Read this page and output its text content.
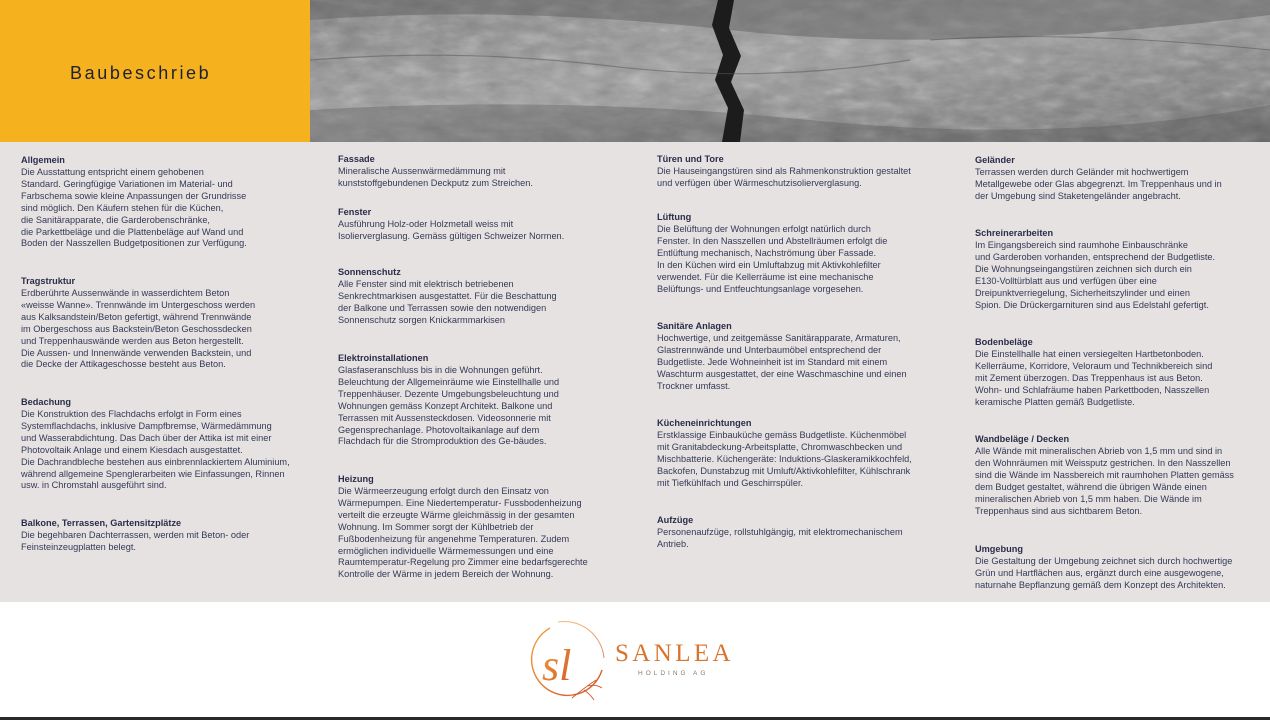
Baubeschrieb
Allgemein

Die Ausstattung entspricht einem gehobenen
Standard. Geringfügige Variationen im Material- und
Farbschema sowie kleine Anpassungen der Grundrisse
sind möglich. Den Käufern stehen für die Küchen,
die Sanitärapparate, die Garderobenschränke,
die Parkettbeläge und die Plattenbeläge auf Wand und
Boden der Nasszellen Budgetpositionen zur Verfügung.

Tragstruktur

Erdberührte Aussenwände in wasserdichtem Beton
«weisse Wanne». Trennwände im Untergeschoss werden
aus Kalksandstein/Beton gefertigt, während Trennwände
im Obergeschoss aus Backstein/Beton Geschossdecken
und Treppenhauswände werden aus Beton hergestellt.
Die Aussen- und Innenwände verwenden Backstein, und
die Decke der Attikageschosse besteht aus Beton.

Bedachung

Die Konstruktion des Flachdachs erfolgt in Form eines
Systemflachdachs, inklusive Dampfbremse, Wärmedämmung
und Wasserabdichtung. Das Dach über der Attika ist mit einer
Photovoltaik Anlage und einem Kiesdach ausgestattet.
Die Dachrandbleche bestehen aus einbrennlackiertem Aluminium,
während allgemeine Spenglerarbeiten wie Einfassungen, Rinnen
usw. in Chromstahl ausgeführt sind.

Balkone, Terrassen, Gartensitzplätze

Die begehbaren Dachterrassen, werden mit Beton- oder
Feinsteinzeugplatten belegt.

Fassade

Mineralische Aussenwärmedämmung mit
kunststoffgebundenen Deckputz zum Streichen.

Fenster

Ausführung Holz-oder Holzmetall weiss mit
Isolierverglasung. Gemäss gültigen Schweizer Normen.

Sonnenschutz

Alle Fenster sind mit elektrisch betriebenen
Senkrechtmarkisen ausgestattet. Für die Beschattung
der Balkone und Terrassen sowie den notwendigen
Sonnenschutz sorgen Knickarmmarkisen

Elektroinstallationen

Glasfaseranschluss bis in die Wohnungen geführt.
Beleuchtung der Allgemeinräume wie Einstellhalle und
Treppenhäuser. Dezente Umgebungsbeleuchtung und
Wohnungen gemäss Konzept Architekt. Balkone und
Terrassen mit Aussensteckdosen. Videosonnerie mit
Gegensprechanlage. Photovoltaikanlage auf dem
Flachdach für die Stromproduktion des Ge-bäudes.

Heizung

Die Wärmeerzeugung erfolgt durch den Einsatz von
Wärmepumpen. Eine Niedertemperatur- Fussbodenheizung
verteilt die erzeugte Wärme gleichmässig in der gesamten
Wohnung. Im Sommer sorgt der Kühlbetrieb der
Fußbodenheizung für angenehme Temperaturen. Zudem
ermöglichen individuelle Wärmemessungen und eine
Raumtemperatur-Regelung pro Zimmer eine bedarfsgerechte
Kontrolle der Wärme in jedem Bereich der Wohnung.

Türen und Tore

Die Hauseingangstüren sind als Rahmenkonstruktion gestaltet
und verfügen über Wärmeschutzisolierverglasung.

Lüftung

Die Belüftung der Wohnungen erfolgt natürlich durch
Fenster. In den Nasszellen und Abstellräumen erfolgt die
Entlüftung mechanisch, Nachströmung über Fassade.
In den Küchen wird ein Umluftabzug mit Aktivkohlefilter
verwendet. Für die Kellerräume ist eine mechanische
Belüftungs- und Entfeuchtungsanlage vorgesehen.

Sanitäre Anlagen

Hochwertige, und zeitgemässe Sanitärapparate, Armaturen,
Glastrennwände und Unterbaumöbel entsprechend der
Budgetliste. Jede Wohneinheit ist im Standard mit einem
Waschturm ausgestattet, der eine Waschmaschine und einen
Trockner umfasst.

Kücheneinrichtungen

Erstklassige Einbauküche gemäss Budgetliste. Küchenmöbel
mit Granitabdeckung-Arbeitsplatte, Chromwaschbecken und
Mischbatterie. Küchengeräte: Induktions-Glaskeramikkochfeld,
Backofen, Dunstabzug mit Umluft/Aktivkohlefilter, Kühlschrank
mit Tiefkühlfach und Geschirrspüler.

Aufzüge

Personenaufzüge, rollstuhlgängig, mit elektromechanischem
Antrieb.

Geländer

Terrassen werden durch Geländer mit hochwertigem
Metallgewebe oder Glas abgegrenzt. Im Treppenhaus und in
der Umgebung sind Staketengeländer angebracht.

Schreinerarbeiten

Im Eingangsbereich sind raumhohe Einbauschränke
und Garderoben vorhanden, entsprechend der Budgetliste.
Die Wohnungseingangstüren zeichnen sich durch ein
E130-Volltürblatt aus und verfügen über eine
Dreipunktverriegelung, Sicherheitszylinder und einen
Spion. Die Drückergarnituren sind aus Edelstahl gefertigt.

Bodenbeläge

Die Einstellhalle hat einen versiegelten Hartbetonboden.
Kellerräume, Korridore, Veloraum und Technikbereich sind
mit Zement überzogen. Das Treppenhaus ist aus Beton.
Wohn- und Schlafräume haben Parkettboden, Nasszellen
keramische Platten gemäß Budgetliste.

Wandbeläge / Decken

Alle Wände mit mineralischen Abrieb von 1,5 mm und sind in
den Wohnräumen mit Weissputz gestrichen. In den Nasszellen
sind die Wände im Nassbereich mit raumhohen Platten gemäss
dem Budget gestaltet, während die übrigen Wände einen
mineralischen Abrieb von 1,5 mm haben. Die Wände im
Treppenhaus sind aus sichtbarem Beton.

Umgebung

Die Gestaltung der Umgebung zeichnet sich durch hochwertige
Grün und Hartflächen aus, ergänzt durch eine ausgewogene,
naturnahe Bepflanzung gemäß dem Konzept des Architekten.

sl SANLEA
HOLDING AG
